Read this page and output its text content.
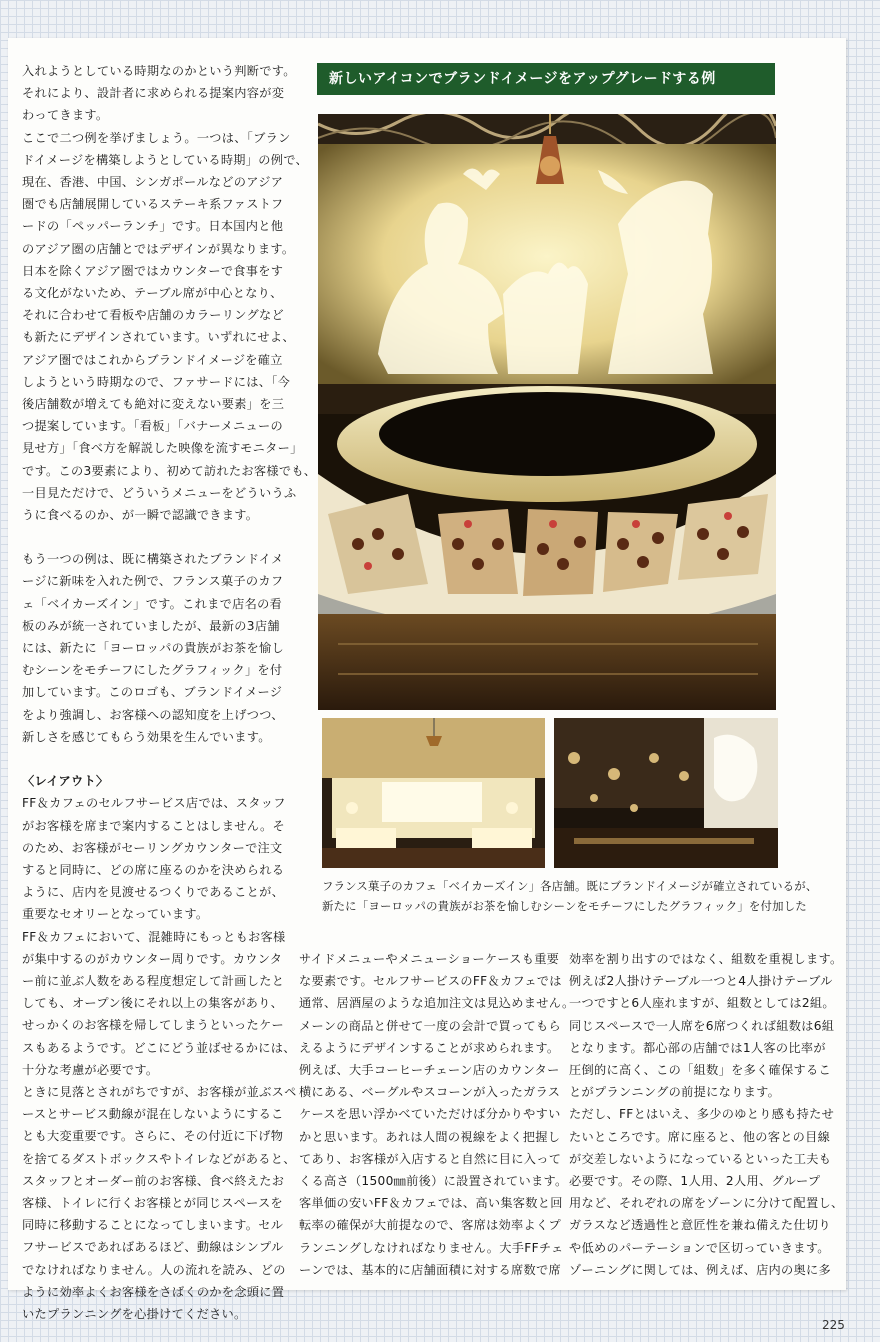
入れようとしている時期なのかという判断です。

それにより、設計者に求められる提案内容が変

わってきます。

ここで二つ例を挙げましょう。一つは、「ブラン

ドイメージを構築しようとしている時期」の例で、

現在、香港、中国、シンガポールなどのアジア

圏でも店舗展開しているステーキ系ファストフ

ードの「ペッパーランチ」です。日本国内と他

のアジア圏の店舗とではデザインが異なります。

日本を除くアジア圏ではカウンターで食事をす

る文化がないため、テーブル席が中心となり、

それに合わせて看板や店舗のカラーリングなど

も新たにデザインされています。いずれにせよ、

アジア圏ではこれからブランドイメージを確立

しようという時期なので、ファサードには、「今

後店舗数が増えても絶対に変えない要素」を三

つ提案しています。「看板」「バナーメニューの

見せ方」「食べ方を解説した映像を流すモニター」

です。この3要素により、初めて訪れたお客様でも、

一目見ただけで、どういうメニューをどういうふ

うに食べるのか、が一瞬で認識できます。

もう一つの例は、既に構築されたブランドイメ

ージに新味を入れた例で、フランス菓子のカフ

ェ「ベイカーズイン」です。これまで店名の看

板のみが統一されていましたが、最新の3店舗

には、新たに「ヨーロッパの貴族がお茶を愉し

むシーンをモチーフにしたグラフィック」を付

加しています。このロゴも、ブランドイメージ

をより強調し、お客様への認知度を上げつつ、

新しさを感じてもらう効果を生んでいます。

〈レイアウト〉

FF＆カフェのセルフサービス店では、スタッフ

がお客様を席まで案内することはしません。そ

のため、お客様がセーリングカウンターで注文

すると同時に、どの席に座るのかを決められる

ように、店内を見渡せるつくりであることが、

重要なセオリーとなっています。

FF＆カフェにおいて、混雑時にもっともお客様

が集中するのがカウンター周りです。カウンタ

ー前に並ぶ人数をある程度想定して計画したと

しても、オープン後にそれ以上の集客があり、

せっかくのお客様を帰してしまうといったケー

スもあるようです。どこにどう並ばせるかには、

十分な考慮が必要です。

ときに見落とされがちですが、お客様が並ぶスペ

ースとサービス動線が混在しないようにするこ

とも大変重要です。さらに、その付近に下げ物

を捨てるダストボックスやトイレなどがあると、

スタッフとオーダー前のお客様、食べ終えたお

客様、トイレに行くお客様とが同じスペースを

同時に移動することになってしまいます。セル

フサービスであればあるほど、動線はシンプル

でなければなりません。人の流れを読み、どの

ように効率よくお客様をさばくのかを念頭に置

いたプランニングを心掛けてください。

新しいアイコンでブランドイメージをアップグレードする例

フランス菓子のカフェ「ベイカーズイン」各店舗。既にブランドイメージが確立されているが、

新たに「ヨーロッパの貴族がお茶を愉しむシーンをモチーフにしたグラフィック」を付加した

サイドメニューやメニューショーケースも重要

な要素です。セルフサービスのFF＆カフェでは

通常、居酒屋のような追加注文は見込めません。

メーンの商品と併せて一度の会計で買ってもら

えるようにデザインすることが求められます。

例えば、大手コーヒーチェーン店のカウンター

横にある、ベーグルやスコーンが入ったガラス

ケースを思い浮かべていただけば分かりやすい

かと思います。あれは人間の視線をよく把握し

てあり、お客様が入店すると自然に目に入って

くる高さ（1500㎜前後）に設置されています。

客単価の安いFF＆カフェでは、高い集客数と回

転率の確保が大前提なので、客席は効率よくプ

ランニングしなければなりません。大手FFチェ

ーンでは、基本的に店舗面積に対する席数で席

効率を割り出すのではなく、組数を重視します。

例えば2人掛けテーブル一つと4人掛けテーブル

一つですと6人座れますが、組数としては2組。

同じスペースで一人席を6席つくれば組数は6組

となります。都心部の店舗では1人客の比率が

圧倒的に高く、この「組数」を多く確保するこ

とがプランニングの前提になります。

ただし、FFとはいえ、多少のゆとり感も持たせ

たいところです。席に座ると、他の客との目線

が交差しないようになっているといった工夫も

必要です。その際、1人用、2人用、グループ

用など、それぞれの席をゾーンに分けて配置し、

ガラスなど透過性と意匠性を兼ね備えた仕切り

や低めのパーテーションで区切っていきます。

ゾーニングに関しては、例えば、店内の奥に多

225
